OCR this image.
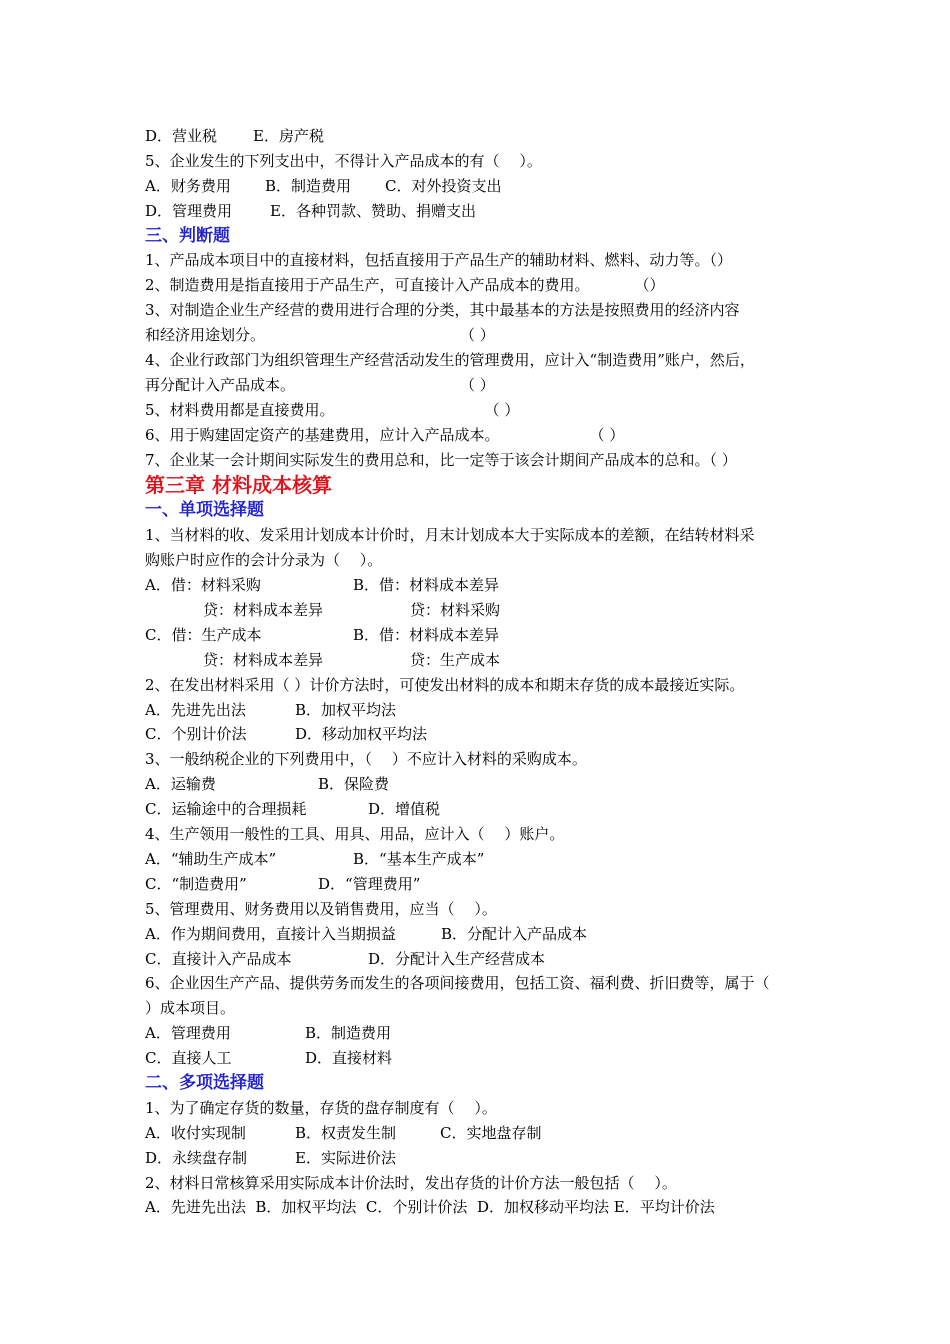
D．营业税 E．房产税
5、企业发生的下列支出中，不得计入产品成本的有（　 ）。
A．财务费用 B．制造费用 C．对外投资支出
D．管理费用	E．各种罚款、赞助、捐赠支出
三、判断题
1、产品成本项目中的直接材料，包括直接用于产品生产的辅助材料、燃料、动力等。（）
2、制造费用是指直接用于产品生产，可直接计入产品成本的费用。　　　　（）
3、对制造企业生产经营的费用进行合理的分类，其中最基本的方法是按照费用的经济内容
和经济用途划分。　　　　　　　　　　　　　　（ ）
4、企业行政部门为组织管理生产经营活动发生的管理费用，应计入“制造费用”账户，然后，
再分配计入产品成本。　　　　　　　　　　　　（ ）
5、材料费用都是直接费用。　　　　　　　　　　　（ ）
6、用于购建固定资产的基建费用，应计入产品成本。　　　　　　　（ ）
7、企业某一会计期间实际发生的费用总和，比一定等于该会计期间产品成本的总和。（ ）
第三章 材料成本核算
一、单项选择题
1、当材料的收、发采用计划成本计价时，月末计划成本大于实际成本的差额，在结转材料采
购账户时应作的会计分录为（　 ）。
A．借：材料采购	B．借：材料成本差异
贷：材料成本差异	贷：材料采购
C．借：生产成本	B．借：材料成本差异
贷：材料成本差异	贷：生产成本
2、在发出材料采用（ ）计价方法时，可使发出材料的成本和期末存货的成本最接近实际。
A．先进先出法	B．加权平均法
C．个别计价法	D．移动加权平均法
3、一般纳税企业的下列费用中，（　 ）不应计入材料的采购成本。
A．运输费	B．保险费
C．运输途中的合理损耗	D．增值税
4、生产领用一般性的工具、用具、用品，应计入（　 ）账户。
A．“辅助生产成本”	B．“基本生产成本”
C．“制造费用”	D．“管理费用”
5、管理费用、财务费用以及销售费用，应当（　 ）。
A．作为期间费用，直接计入当期损益	B．分配计入产品成本
C．直接计入产品成本	D．分配计入生产经营成本
6、企业因生产产品、提供劳务而发生的各项间接费用，包括工资、福利费、折旧费等，属于（
）成本项目。
A．管理费用	B．制造费用
C．直接人工	D．直接材料
二、多项选择题
1、为了确定存货的数量，存货的盘存制度有（　 ）。
A．收付实现制	B．权责发生制	C．实地盘存制
D．永续盘存制	E．实际进价法
2、材料日常核算采用实际成本计价法时，发出存货的计价方法一般包括（　 ）。
A．先进先出法  B．加权平均法  C．个别计价法  D．加权移动平均法 E．平均计价法
